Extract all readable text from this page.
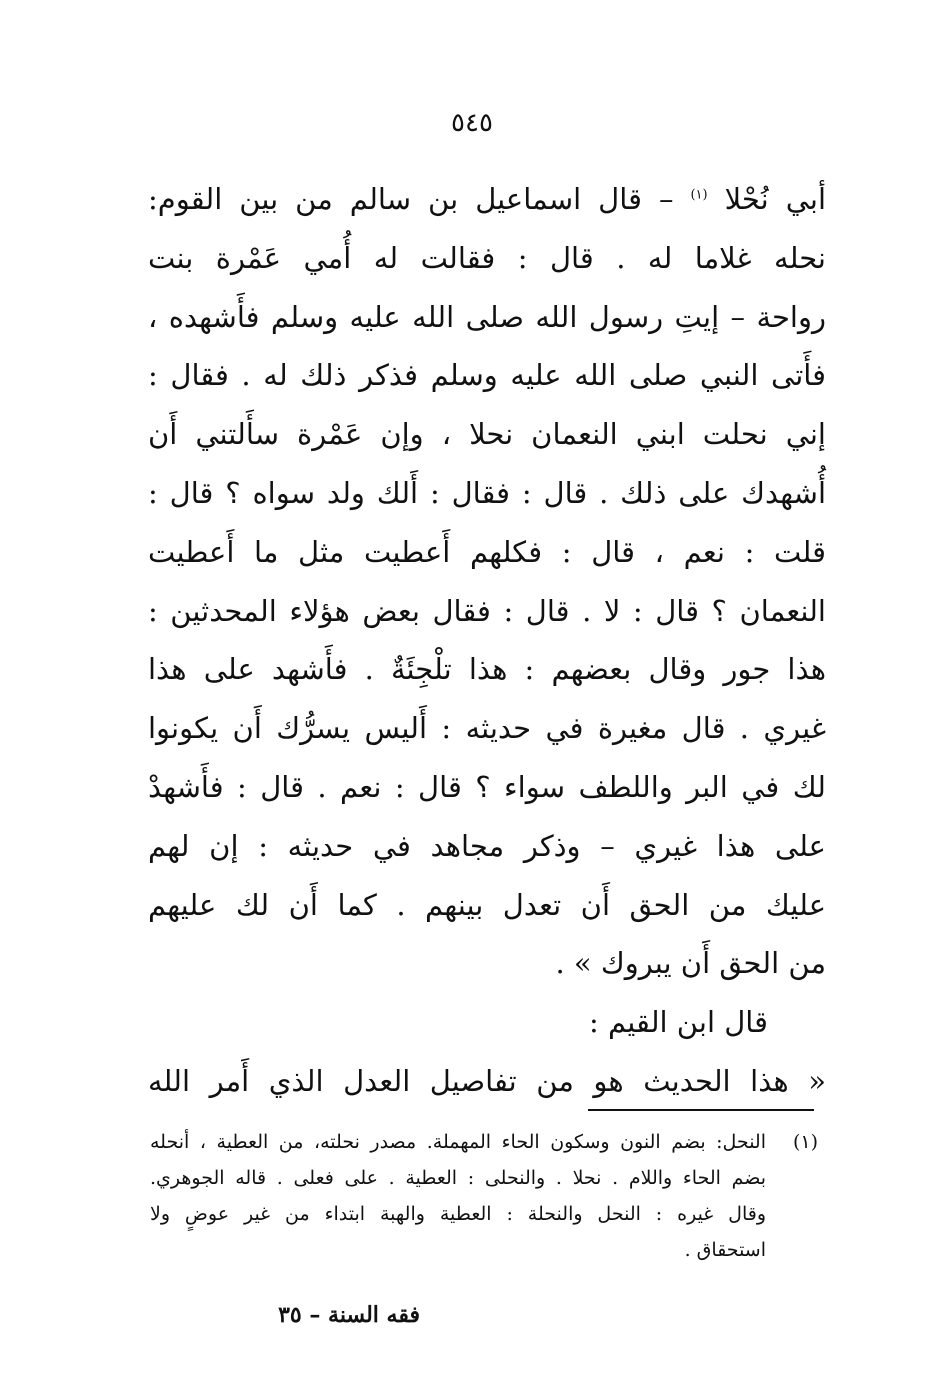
٥٤٥
أبي نُحْلا $^{(١)}$ – قال اسماعيل بن سالم من بين القوم:
نحله غلاما له . قال : فقالت له أُمي عَمْرة بنت
رواحة – إيتِ رسول الله صلى الله عليه وسلم فأَشهده ،
فأَتى النبي صلى الله عليه وسلم فذكر ذلك له . فقال :
إني نحلت ابني النعمان نحلا ، وإن عَمْرة سأَلتني أَن
أُشهدك على ذلك . قال : فقال : أَلك ولد سواه ؟ قال :
قلت : نعم ، قال : فكلهم أَعطيت مثل ما أَعطيت
النعمان ؟ قال : لا . قال : فقال بعض هؤلاء المحدثين :
هذا جور وقال بعضهم : هذا تلْجِئَةٌ . فأَشهد على هذا
غيري . قال مغيرة في حديثه : أَليس يسرُّك أَن يكونوا
لك في البر واللطف سواء ؟ قال : نعم . قال : فأَشهدْ
على هذا غيري – وذكر مجاهد في حديثه : إن لهم
عليك من الحق أَن تعدل بينهم . كما أَن لك عليهم
من الحق أَن يبروك » .
قال ابن القيم :
« هذا الحديث هو من تفاصيل العدل الذي أَمر الله
(١)
النحل: بضم النون وسكون الحاء المهملة. مصدر نحلته، من العطية ، أنحله
بضم الحاء واللام . نحلا . والنحلى : العطية . على فعلى . قاله الجوهري.
وقال غيره : النحل والنحلة : العطية والهبة ابتداء من غير عوضٍ ولا
استحقاق .
فقه السنة – ٣٥
